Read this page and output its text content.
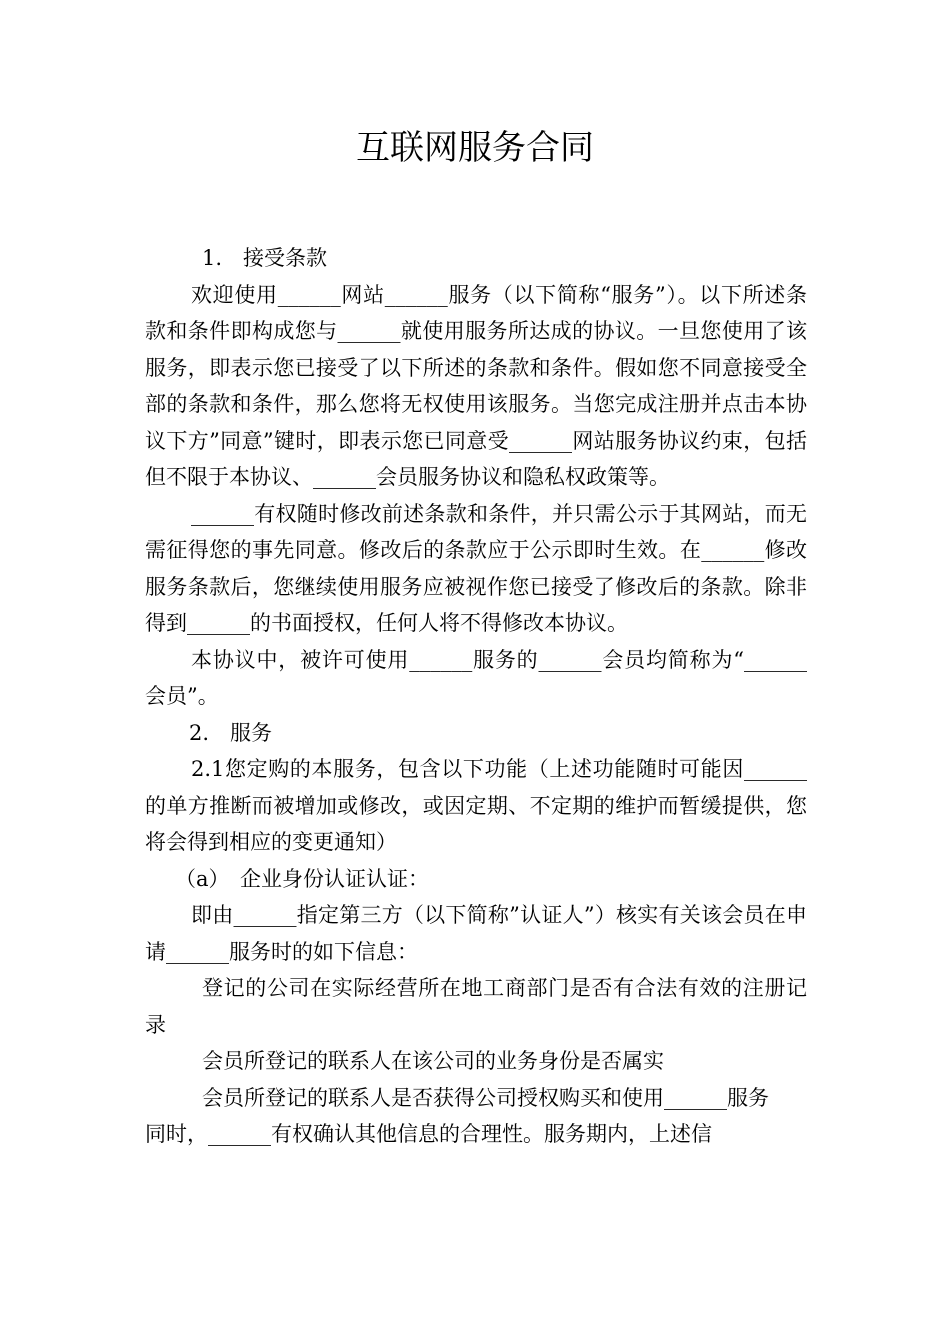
互联网服务合同

1.　接受条款

欢迎使用______网站______服务（以下简称“服务”）。以下所述条款和条件即构成您与______就使用服务所达成的协议。一旦您使用了该服务，即表示您已接受了以下所述的条款和条件。假如您不同意接受全部的条款和条件，那么您将无权使用该服务。当您完成注册并点击本协议下方”同意”键时，即表示您已同意受______网站服务协议约束，包括但不限于本协议、______会员服务协议和隐私权政策等。

______有权随时修改前述条款和条件，并只需公示于其网站，而无需征得您的事先同意。修改后的条款应于公示即时生效。在______修改服务条款后，您继续使用服务应被视作您已接受了修改后的条款。除非得到______的书面授权，任何人将不得修改本协议。

本协议中，被许可使用______服务的______会员均简称为“______会员”。

2.　服务

2.1您定购的本服务，包含以下功能（上述功能随时可能因______的单方推断而被增加或修改，或因定期、不定期的维护而暂缓提供，您将会得到相应的变更通知）

（a）　企业身份认证认证：

即由______指定第三方（以下简称”认证人”）核实有关该会员在申请______服务时的如下信息：

登记的公司在实际经营所在地工商部门是否有合法有效的注册记录

会员所登记的联系人在该公司的业务身份是否属实

会员所登记的联系人是否获得公司授权购买和使用______服务

同时，______有权确认其他信息的合理性。服务期内，上述信
